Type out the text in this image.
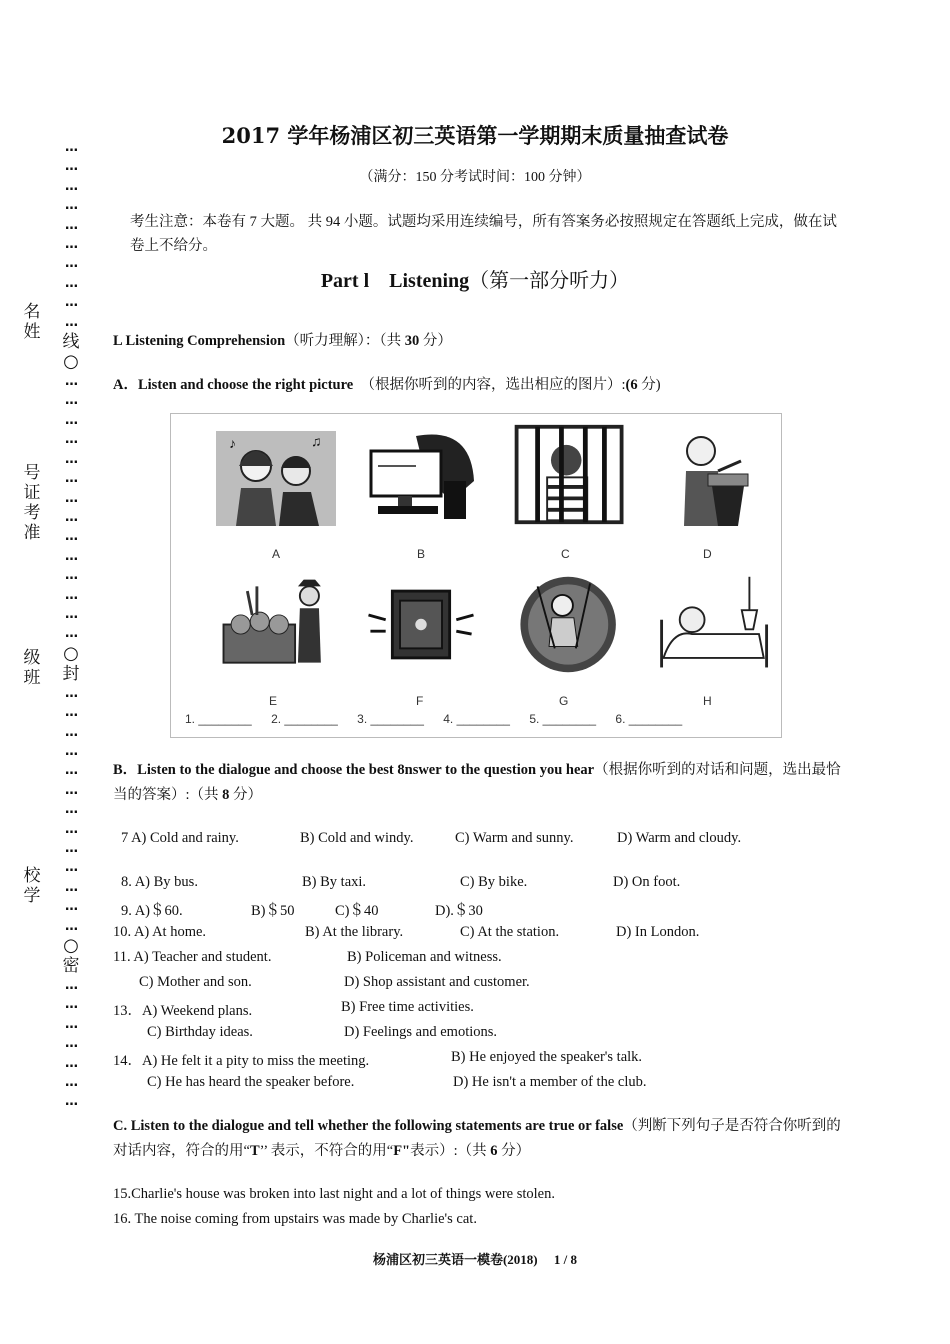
…
…
…
…
…
…
…
…
…
…
线
○
…
…
…
…
…
…
…
…
…
…
…
…
…
…
○
封
…
…
…
…
…
…
…
…
…
…
…
…
…
○
密
…
…
…
…
…
…
…
名姓
号证考准
级班
校学
2017 学年杨浦区初三英语第一学期期末质量抽查试卷
（满分：150 分考试时间：100 分钟）
考生注意：本卷有 7 大题。 共 94 小题。试题均采用连续编号，所有答案务必按照规定在答题纸上完成，做在试卷上不给分。
Part l Listening（第一部分听力）
L Listening Comprehension（听力理解）：（共 30 分）
A．Listen and choose the right picture （根据你听到的内容，选出相应的图片）:(6 分)
♪	♫
A	B	C	D
E	F	G	H
1. ________ 2. ________ 3. ________ 4. ________ 5. ________ 6. ________
B．Listen to the dialogue and choose the best 8nswer to the question you hear（根据你听到的对话和问题，选出最恰当的答案）:（共 8 分）
7 A) Cold and rainy.	B) Cold and windy.	C) Warm and sunny.	D) Warm and cloudy.
8. A) By bus.	B) By taxi.	C) By bike.	D) On foot.
9. A)＄60.	B)＄50	C)＄40	D).＄30
10. A) At home.	B) At the library.	C) At the station.	D) In London.
11. A) Teacher and student.	B) Policeman and witness.
C) Mother and son.	D) Shop assistant and customer.
13．A) Weekend plans.	B) Free time activities.
C) Birthday ideas.	D) Feelings and emotions.
14．A) He felt it a pity to miss the meeting.	B) He enjoyed the speaker's talk.
C) He has heard the speaker before.	D) He isn't a member of the club.
C. Listen to the dialogue and tell whether the following statements are true or false（判断下列句子是否符合你听到的对话内容，符合的用“T’’ 表示，不符合的用“F"表示）:（共 6 分）
15.Charlie's house was broken into last night and a lot of things were stolen.
16. The noise coming from upstairs was made by Charlie's cat.
杨浦区初三英语一模卷(2018) 1 / 8
